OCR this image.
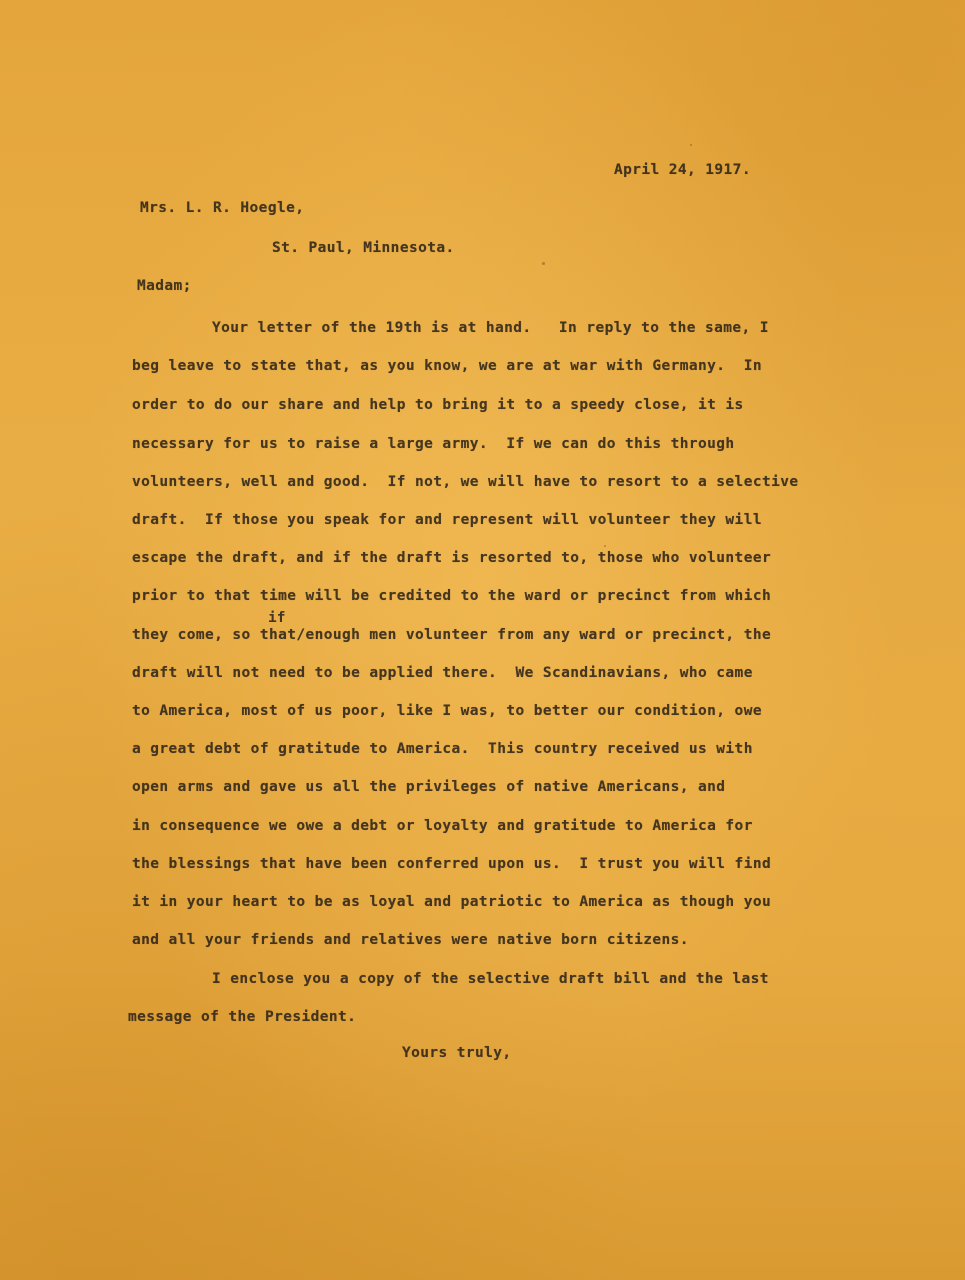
April 24, 1917.
Mrs. L. R. Hoegle,
St. Paul, Minnesota.
Madam;
Your letter of the 19th is at hand.   In reply to the same, I
beg leave to state that, as you know, we are at war with Germany.  In
order to do our share and help to bring it to a speedy close, it is
necessary for us to raise a large army.  If we can do this through
volunteers, well and good.  If not, we will have to resort to a selective
draft.  If those you speak for and represent will volunteer they will
escape the draft, and if the draft is resorted to, those who volunteer
prior to that time will be credited to the ward or precinct from which
if
they come, so that/enough men volunteer from any ward or precinct, the
draft will not need to be applied there.  We Scandinavians, who came
to America, most of us poor, like I was, to better our condition, owe
a great debt of gratitude to America.  This country received us with
open arms and gave us all the privileges of native Americans, and
in consequence we owe a debt or loyalty and gratitude to America for
the blessings that have been conferred upon us.  I trust you will find
it in your heart to be as loyal and patriotic to America as though you
and all your friends and relatives were native born citizens.
I enclose you a copy of the selective draft bill and the last
message of the President.
Yours truly,
